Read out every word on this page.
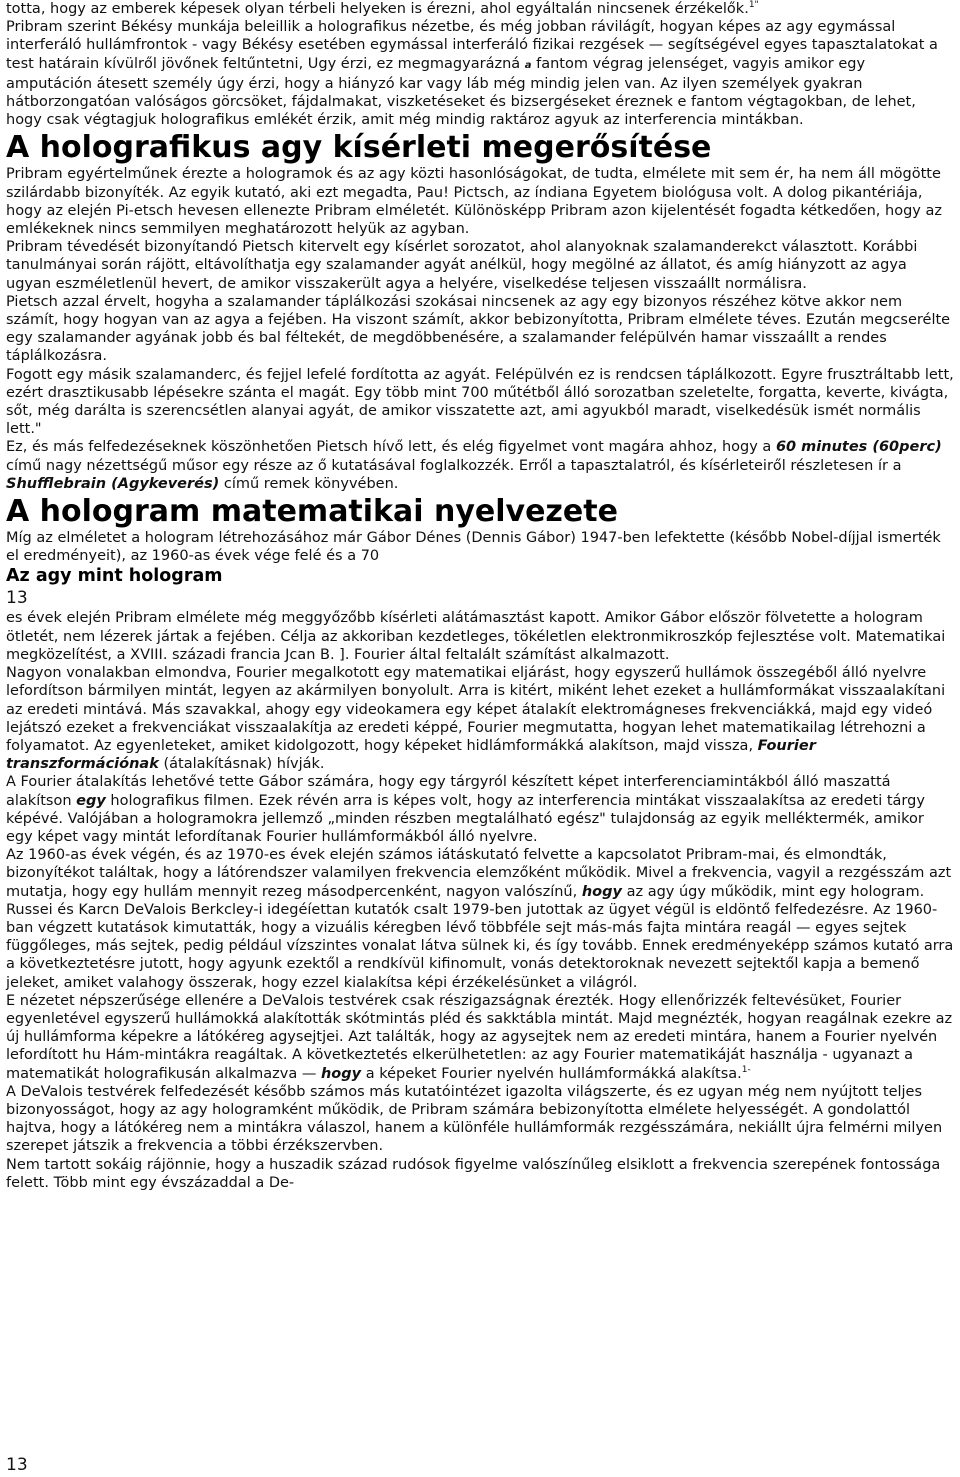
totta, hogy az emberek képesek olyan térbeli helyeken is érezni, ahol egyáltalán nincsenek érzékelők.$^{1"}$

Pribram szerint Békésy munkája beleillik a holografikus nézetbe, és még jobban rávilágít, hogyan képes az agy egymással interferáló hullámfrontok - vagy Békésy esetében egymással interferáló fizikai rezgések — segítségével egyes tapasztalatokat a test határain kívülről jövőnek feltűntetni, Ugy érzi, ez megmagyarázná a fantom végrag jelenséget, vagyis amikor egy amputáción átesett személy úgy érzi, hogy a hiányzó kar vagy láb még mindig jelen van. Az ilyen személyek gyakran hátborzongatóan valóságos görcsöket, fájdalmakat, viszketéseket és bizsergéseket éreznek e fantom végtagokban, de lehet, hogy csak végtagjuk holografikus emlékét érzik, amit még mindig raktároz agyuk az interferencia mintákban.

A holografikus agy kísérleti megerősítése

Pribram egyértelműnek érezte a hologramok és az agy közti hasonlóságokat, de tudta, elmélete mit sem ér, ha nem áll mögötte szilárdabb bizonyíték. Az egyik kutató, aki ezt megadta, Pau! Pictsch, az índiana Egyetem biológusa volt. A dolog pikantériája, hogy az elején Pi-etsch hevesen ellenezte Pribram elméletét. Különösképp Pribram azon kijelentését fogadta kétkedően, hogy az emlékeknek nincs semmilyen meghatározott helyük az agyban.

Pribram tévedését bizonyítandó Pietsch kitervelt egy kísérlet sorozatot, ahol alanyoknak szalamanderekct választott. Korábbi tanulmányai során rájött, eltávolíthatja egy szalamander agyát anélkül, hogy megölné az állatot, és amíg hiányzott az agya ugyan eszméletlenül hevert, de amikor visszakerült agya a helyére, viselkedése teljesen visszaállt normálisra.

Pietsch azzal érvelt, hogyha a szalamander táplálkozási szokásai nincsenek az agy egy bizonyos részéhez kötve akkor nem számít, hogy hogyan van az agya a fejében. Ha viszont számít, akkor bebizonyította, Pribram elmélete téves. Ezután megcserélte egy szalamander agyának jobb és bal féltekét, de megdöbbenésére, a szalamander felépülvén hamar visszaállt a rendes táplálkozásra.

Fogott egy másik szalamanderc, és fejjel lefelé fordította az agyát. Felépülvén ez is rendcsen táplálkozott. Egyre frusztráltabb lett, ezért drasztikusabb lépésekre szánta el magát. Egy több mint 700 műtétből álló sorozatban szeletelte, forgatta, keverte, kivágta, sőt, még darálta is szerencsétlen alanyai agyát, de amikor visszatette azt, ami agyukból maradt, viselkedésük ismét normális lett."

Ez, és más felfedezéseknek köszönhetően Pietsch hívő lett, és elég figyelmet vont magára ahhoz, hogy a 60 minutes (60perc) című nagy nézettségű műsor egy része az ő kutatásával foglalkozzék. Erről a tapasztalatról, és kísérleteiről részletesen ír a Shufflebrain (Agykeverés) című remek könyvében.

A hologram matematikai nyelvezete

Míg az elméletet a hologram létrehozásához már Gábor Dénes (Dennis Gábor) 1947-ben lefektette (később Nobel-díjjal ismerték el eredményeit), az 1960-as évek vége felé és a 70

Az agy mint hologram
13

es évek elején Pribram elmélete még meggyőzőbb kísérleti alátámasztást kapott. Amikor Gábor először fölvetette a hologram ötletét, nem lézerek jártak a fejében. Célja az akkoriban kezdetleges, tökéletlen elektronmikroszkóp fejlesztése volt. Matematikai megközelítést, a XVIII. századi francia Jcan B. ]. Fourier által feltalált számítást alkalmazott.

Nagyon vonalakban elmondva, Fourier megalkotott egy matematikai eljárást, hogy egyszerű hullámok összegéből álló nyelvre lefordítson bármilyen mintát, legyen az akármilyen bonyolult. Arra is kitért, miként lehet ezeket a hullámformákat visszaalakítani az eredeti mintává. Más szavakkal, ahogy egy videokamera egy képet átalakít elektromágneses frekvenciákká, majd egy videó lejátszó ezeket a frekvenciákat visszaalakítja az eredeti képpé, Fourier megmutatta, hogyan lehet matematikailag létrehozni a folyamatot. Az egyenleteket, amiket kidolgozott, hogy képeket hidlámformákká alakítson, majd vissza, Fourier transzformációnak (átalakításnak) hívják.

A Fourier átalakítás lehetővé tette Gábor számára, hogy egy tárgyról készített képet interferenciamintákból álló maszattá alakítson egy holografikus filmen. Ezek révén arra is képes volt, hogy az interferencia mintákat visszaalakítsa az eredeti tárgy képévé. Valójában a hologramokra jellemző „minden részben megtalálható egész" tulajdonság az egyik melléktermék, amikor egy képet vagy mintát lefordítanak Fourier hullámformákból álló nyelvre.

Az 1960-as évek végén, és az 1970-es évek elején számos iátáskutató felvette a kapcsolatot Pribram-mai, és elmondták, bizonyítékot találtak, hogy a látórendszer valamilyen frekvencia elemzőként működik. Mivel a frekvencia, vagyiI a rezgésszám azt mutatja, hogy egy hullám mennyit rezeg másodpercenként, nagyon valószínű, hogy az agy úgy működik, mint egy hologram.

Russei és Karcn DeValois Berkcley-i idegéíettan kutatók csalt 1979-ben jutottak az ügyet végül is eldöntő felfedezésre. Az 1960-ban végzett kutatások kimutatták, hogy a vizuális kéregben lévő többféle sejt más-más fajta mintára reagál — egyes sejtek függőleges, más sejtek, pedig például vízszintes vonalat látva sülnek ki, és így tovább. Ennek eredményeképp számos kutató arra a következtetésre jutott, hogy agyunk ezektől a rendkívül kifinomult, vonás detektoroknak nevezett sejtektől kapja a bemenő jeleket, amiket valahogy összerak, hogy ezzel kialakítsa képi érzékelésünket a világról.

E nézetet népszerűsége ellenére a DeValois testvérek csak részigazságnak érezték. Hogy ellenőrizzék feltevésüket, Fourier egyenletével egyszerű hullámokká alakították skótmintás pléd és sakktábla mintát. Majd megnézték, hogyan reagálnak ezekre az új hullámforma képekre a látókéreg agysejtjei. Azt találták, hogy az agysejtek nem az eredeti mintára, hanem a Fourier nyelvén lefordított hu Hám-mintákra reagáltak. A következtetés elkerülhetetlen: az agy Fourier matematikáját használja - ugyanazt a matematikát holografikusán alkalmazva — hogy a képeket Fourier nyelvén hullámformákká alakítsa.$^{1-}$

A DeValois testvérek felfedezését később számos más kutatóintézet igazolta világszerte, és ez ugyan még nem nyújtott teljes bizonyosságot, hogy az agy hologramként működik, de Pribram számára bebizonyította elmélete helyességét. A gondolattól hajtva, hogy a látókéreg nem a mintákra válaszol, hanem a különféle hullámformák rezgésszámára, nekiállt újra felmérni milyen szerepet játszik a frekvencia a többi érzékszervben.

Nem tartott sokáig rájönnie, hogy a huszadik század rudósok figyelme valószínűleg elsiklott a frekvencia szerepének fontossága felett. Több mint egy évszázaddal a De-

13
